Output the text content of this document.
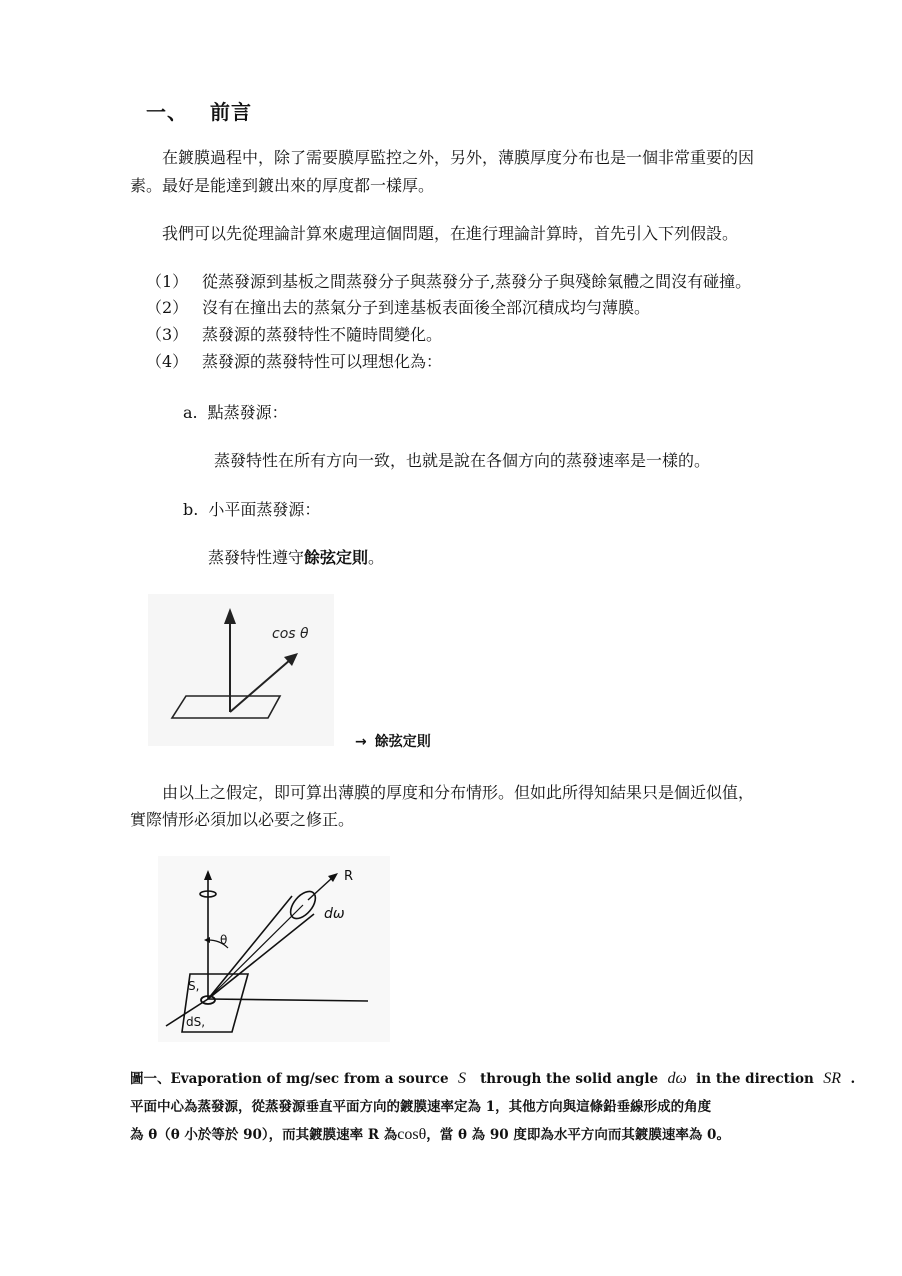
一、 前言
在鍍膜過程中，除了需要膜厚監控之外，另外，薄膜厚度分布也是一個非常重要的因
素。最好是能達到鍍出來的厚度都一樣厚。
我們可以先從理論計算來處理這個問題，在進行理論計算時，首先引入下列假設。
（1） 從蒸發源到基板之間蒸發分子與蒸發分子,蒸發分子與殘餘氣體之間沒有碰撞。
（2） 沒有在撞出去的蒸氣分子到達基板表面後全部沉積成均勻薄膜。
（3） 蒸發源的蒸發特性不隨時間變化。
（4） 蒸發源的蒸發特性可以理想化為：
a. 點蒸發源：
蒸發特性在所有方向一致，也就是說在各個方向的蒸發速率是一樣的。
b. 小平面蒸發源：
蒸發特性遵守餘弦定則。
cos θ
→ 餘弦定則
由以上之假定，即可算出薄膜的厚度和分布情形。但如此所得知結果只是個近似值，
實際情形必須加以必要之修正。
R
dω
θ
S,
dS,
圖一、Evaporation of mg/sec from a source S through the solid angle dω in the direction SR .
平面中心為蒸發源，從蒸發源垂直平面方向的鍍膜速率定為 1，其他方向與這條鉛垂線形成的角度
為 θ（θ 小於等於 90），而其鍍膜速率 R 為cosθ，當 θ 為 90 度即為水平方向而其鍍膜速率為 0。
